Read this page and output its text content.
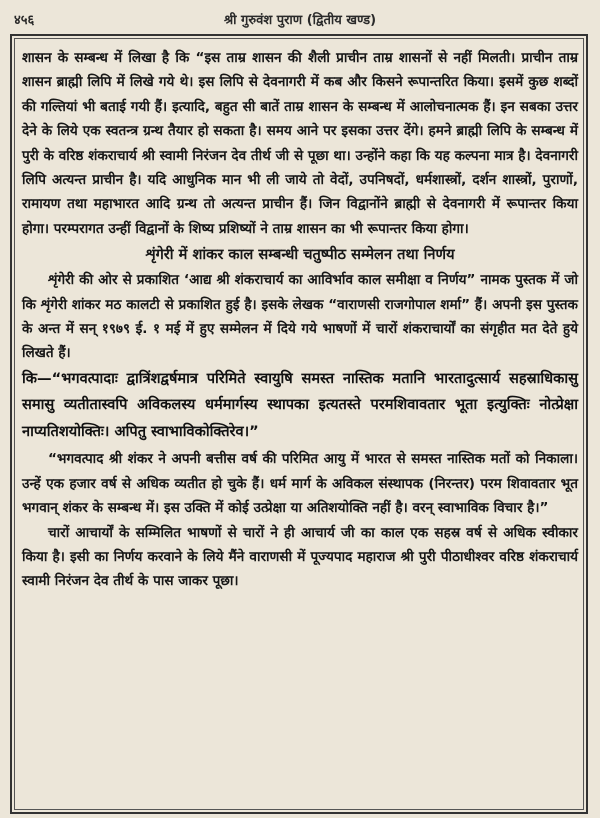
४५६	श्री गुरुवंश पुराण (द्वितीय खण्ड)

शासन के सम्बन्ध में लिखा है कि “इस ताम्र शासन की शैली प्राचीन ताम्र शासनों से नहीं मिलती। प्राचीन ताम्र शासन ब्राह्मी लिपि में लिखे गये थे। इस लिपि से देवनागरी में कब और किसने रूपान्तरित किया। इसमें कुछ शब्दों की गल्तियां भी बताई गयी हैं। इत्यादि, बहुत सी बातें ताम्र शासन के सम्बन्ध में आलोचनात्मक हैं। इन सबका उत्तर देने के लिये एक स्वतन्त्र ग्रन्थ तैयार हो सकता है। समय आने पर इसका उत्तर देंगे। हमने ब्राह्मी लिपि के सम्बन्ध में पुरी के वरिष्ठ शंकराचार्य श्री स्वामी निरंजन देव तीर्थ जी से पूछा था। उन्होंने कहा कि यह कल्पना मात्र है। देवनागरी लिपि अत्यन्त प्राचीन है। यदि आधुनिक मान भी ली जाये तो वेदों, उपनिषदों, धर्मशास्त्रों, दर्शन शास्त्रों, पुराणों, रामायण तथा महाभारत आदि ग्रन्थ तो अत्यन्त प्राचीन हैं। जिन विद्वानोंने ब्राह्मी से देवनागरी में रूपान्तर किया होगा। परम्परागत उन्हीं विद्वानों के शिष्य प्रशिष्यों ने ताम्र शासन का भी रूपान्तर किया होगा।

शृंगेरी में शांकर काल सम्बन्धी चतुष्पीठ सम्मेलन तथा निर्णय

शृंगेरी की ओर से प्रकाशित ‘आद्य श्री शंकराचार्य का आविर्भाव काल समीक्षा व निर्णय” नामक पुस्तक में जो कि शृंगेरी शांकर मठ कालटी से प्रकाशित हुई है। इसके लेखक “वाराणसी राजगोपाल शर्मा” हैं। अपनी इस पुस्तक के अन्त में सन् १९७९ ई. १ मई में हुए सम्मेलन में दिये गये भाषणों में चारों शंकराचार्यों का संगृहीत मत देते हुये लिखते हैं।

कि—“भगवत्पादाः द्वात्रिंशद्वर्षमात्र परिमिते स्वायुषि समस्त नास्तिक मतानि भारतादुत्सार्य सहस्राधिकासु समासु व्यतीतास्वपि अविकलस्य धर्ममार्गस्य स्थापका इत्यतस्ते परमशिवावतार भूता इत्युक्तिः नोत्प्रेक्षा नाप्यतिशयोक्तिः। अपितु स्वाभाविकोक्तिरेव।”

“भगवत्पाद श्री शंकर ने अपनी बत्तीस वर्ष की परिमित आयु में भारत से समस्त नास्तिक मतों को निकाला। उन्हें एक हजार वर्ष से अधिक व्यतीत हो चुके हैं। धर्म मार्ग के अविकल संस्थापक (निरन्तर) परम शिवावतार भूत भगवान् शंकर के सम्बन्ध में। इस उक्ति में कोई उत्प्रेक्षा या अतिशयोक्ति नहीं है। वरन् स्वाभाविक विचार है।”

चारों आचार्यों के सम्मिलित भाषणों से चारों ने ही आचार्य जी का काल एक सहस्र वर्ष से अधिक स्वीकार किया है। इसी का निर्णय करवाने के लिये मैंने वाराणसी में पूज्यपाद महाराज श्री पुरी पीठाधीश्वर वरिष्ठ शंकराचार्य स्वामी निरंजन देव तीर्थ के पास जाकर पूछा।
